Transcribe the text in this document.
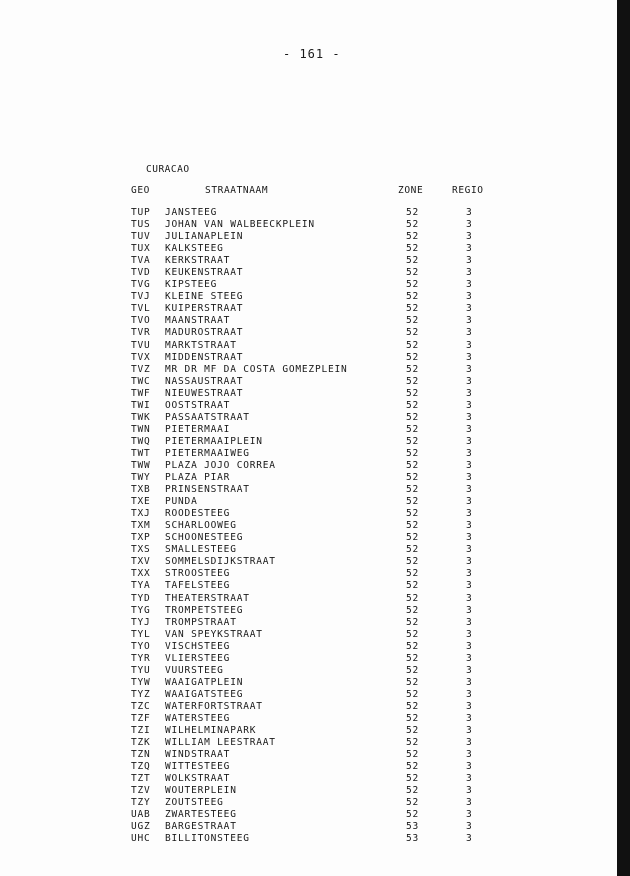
- 161 -
CURACAO
GEO	STRAATNAAM	ZONE	REGIO
TUP JANSTEEG	52	3
TUS JOHAN VAN WALBEECKPLEIN	52	3
TUV JULIANAPLEIN	52	3
TUX KALKSTEEG	52	3
TVA KERKSTRAAT	52	3
TVD KEUKENSTRAAT	52	3
TVG KIPSTEEG	52	3
TVJ KLEINE STEEG	52	3
TVL KUIPERSTRAAT	52	3
TVO MAANSTRAAT	52	3
TVR MADUROSTRAAT	52	3
TVU MARKTSTRAAT	52	3
TVX MIDDENSTRAAT	52	3
TVZ MR DR MF DA COSTA GOMEZPLEIN	52	3
TWC NASSAUSTRAAT	52	3
TWF NIEUWESTRAAT	52	3
TWI OOSTSTRAAT	52	3
TWK PASSAATSTRAAT	52	3
TWN PIETERMAAI	52	3
TWQ PIETERMAAIPLEIN	52	3
TWT PIETERMAAIWEG	52	3
TWW PLAZA JOJO CORREA	52	3
TWY PLAZA PIAR	52	3
TXB PRINSENSTRAAT	52	3
TXE PUNDA	52	3
TXJ ROODESTEEG	52	3
TXM SCHARLOOWEG	52	3
TXP SCHOONESTEEG	52	3
TXS SMALLESTEEG	52	3
TXV SOMMELSDIJKSTRAAT	52	3
TXX STROOSTEEG	52	3
TYA TAFELSTEEG	52	3
TYD THEATERSTRAAT	52	3
TYG TROMPETSTEEG	52	3
TYJ TROMPSTRAAT	52	3
TYL VAN SPEYKSTRAAT	52	3
TYO VISCHSTEEG	52	3
TYR VLIERSTEEG	52	3
TYU VUURSTEEG	52	3
TYW WAAIGATPLEIN	52	3
TYZ WAAIGATSTEEG	52	3
TZC WATERFORTSTRAAT	52	3
TZF WATERSTEEG	52	3
TZI WILHELMINAPARK	52	3
TZK WILLIAM LEESTRAAT	52	3
TZN WINDSTRAAT	52	3
TZQ WITTESTEEG	52	3
TZT WOLKSTRAAT	52	3
TZV WOUTERPLEIN	52	3
TZY ZOUTSTEEG	52	3
UAB ZWARTESTEEG	52	3
UGZ BARGESTRAAT	53	3
UHC BILLITONSTEEG	53	3
